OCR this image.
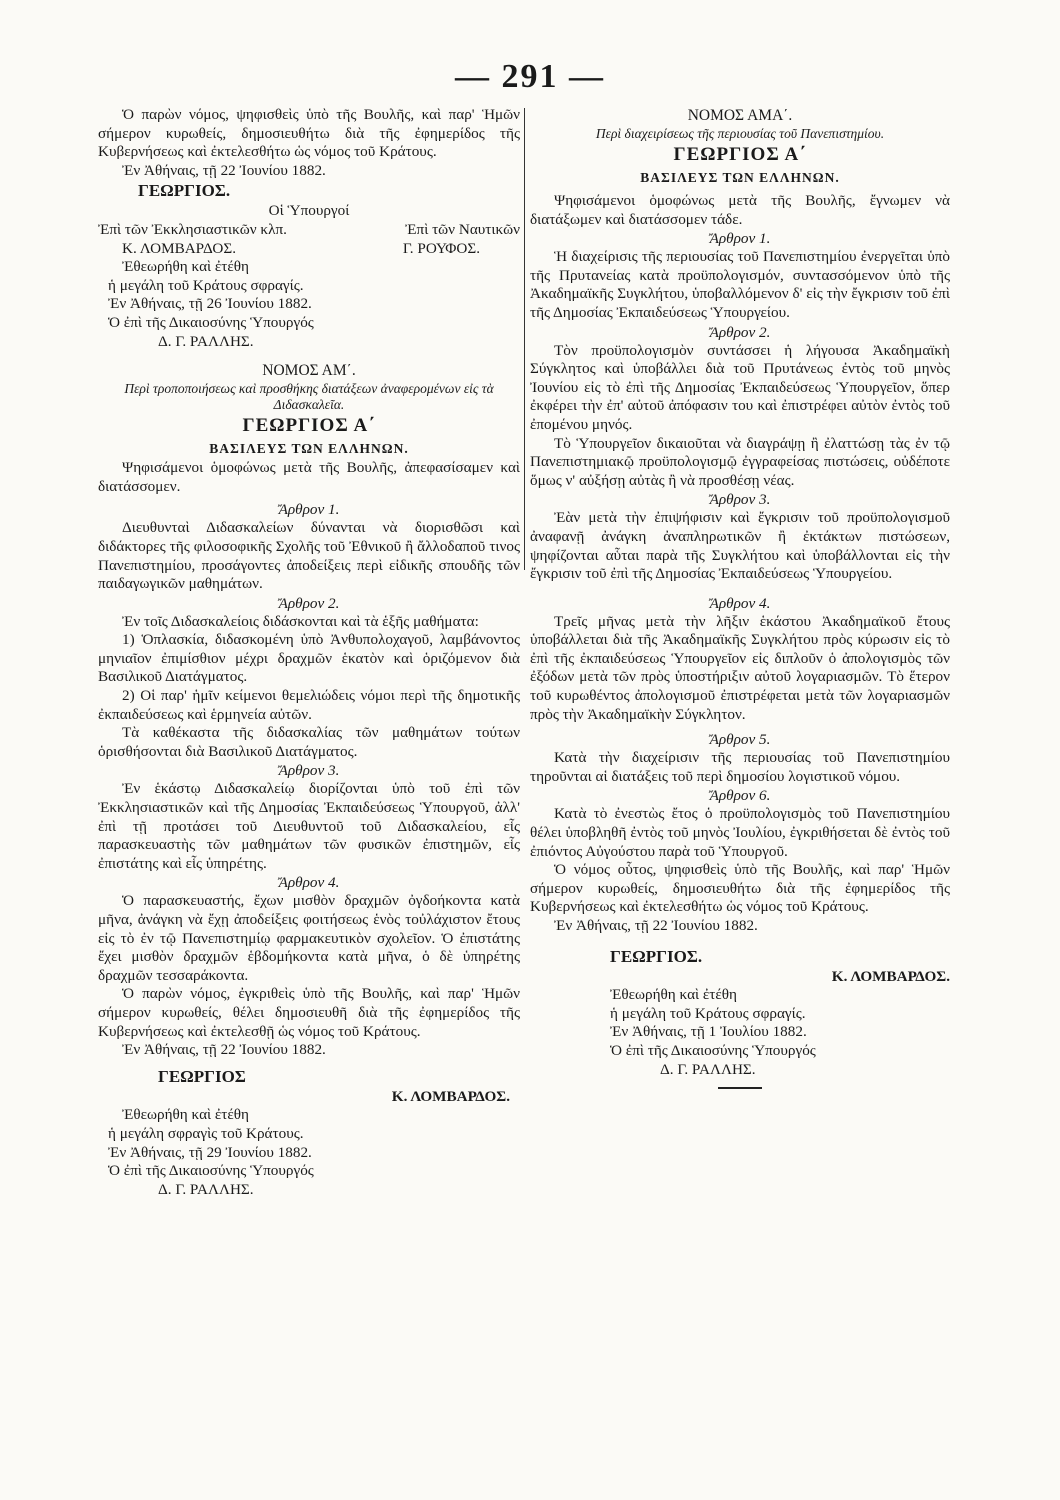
— 291 —

Ὁ παρὼν νόμος, ψηφισθεὶς ὑπὸ τῆς Βουλῆς, καὶ παρ' Ἡμῶν σήμερον κυρωθείς, δημοσιευθήτω διὰ τῆς ἐφημερίδος τῆς Κυβερνήσεως καὶ ἐκτελεσθήτω ὡς νόμος τοῦ Κράτους.

Ἐν Ἀθήναις, τῇ 22 Ἰουνίου 1882.

ΓΕΩΡΓΙΟΣ.

Οἱ Ὑπουργοί

Ἐπὶ τῶν Ἐκκλησιαστικῶν κλπ.	Ἐπὶ τῶν Ναυτικῶν
Κ. ΛΟΜΒΑΡΔΟΣ.	Γ. ΡΟΥΦΟΣ.

Ἐθεωρήθη καὶ ἐτέθη

ἡ μεγάλη τοῦ Κράτους σφραγίς.

Ἐν Ἀθήναις, τῇ 26 Ἰουνίου 1882.

Ὁ ἐπὶ τῆς Δικαιοσύνης Ὑπουργός

Δ. Γ. ΡΑΛΛΗΣ.

ΝΟΜΟΣ ΑΜ΄.

Περὶ τροποποιήσεως καὶ προσθήκης διατάξεων ἀναφερομένων εἰς τὰ Διδασκαλεῖα.

ΓΕΩΡΓΙΟΣ Α΄

ΒΑΣΙΛΕΥΣ ΤΩΝ ΕΛΛΗΝΩΝ.

Ψηφισάμενοι ὁμοφώνως μετὰ τῆς Βουλῆς, ἀπεφασίσαμεν καὶ διατάσσομεν.

Ἄρθρον 1.

Διευθυνταὶ Διδασκαλείων δύνανται νὰ διορισθῶσι καὶ διδάκτορες τῆς φιλοσοφικῆς Σχολῆς τοῦ Ἐθνικοῦ ἢ ἄλλοδαποῦ τινος Πανεπιστημίου, προσάγοντες ἀποδείξεις περὶ εἰδικῆς σπουδῆς τῶν παιδαγωγικῶν μαθημάτων.

Ἄρθρον 2.

Ἐν τοῖς Διδασκαλείοις διδάσκονται καὶ τὰ ἑξῆς μαθήματα:

1) Ὁπλασκία, διδασκομένη ὑπὸ Ἀνθυπολοχαγοῦ, λαμβάνοντος μηνιαῖον ἐπιμίσθιον μέχρι δραχμῶν ἑκατὸν καὶ ὁριζόμενον διὰ Βασιλικοῦ Διατάγματος.

2) Οἱ παρ' ἡμῖν κείμενοι θεμελιώδεις νόμοι περὶ τῆς δημοτικῆς ἐκπαιδεύσεως καὶ ἑρμηνεία αὐτῶν.

Τὰ καθέκαστα τῆς διδασκαλίας τῶν μαθημάτων τούτων ὁρισθήσονται διὰ Βασιλικοῦ Διατάγματος.

Ἄρθρον 3.

Ἐν ἑκάστῳ Διδασκαλείῳ διορίζονται ὑπὸ τοῦ ἐπὶ τῶν Ἐκκλησιαστικῶν καὶ τῆς Δημοσίας Ἐκπαιδεύσεως Ὑπουργοῦ, ἀλλ' ἐπὶ τῇ προτάσει τοῦ Διευθυντοῦ τοῦ Διδασκαλείου, εἷς παρασκευαστὴς τῶν μαθημάτων τῶν φυσικῶν ἐπιστημῶν, εἷς ἐπιστάτης καὶ εἷς ὑπηρέτης.

Ἄρθρον 4.

Ὁ παρασκευαστής, ἔχων μισθὸν δραχμῶν ὀγδοήκοντα κατὰ μῆνα, ἀνάγκη νὰ ἔχῃ ἀποδείξεις φοιτήσεως ἑνὸς τοὐλάχιστον ἔτους εἰς τὸ ἐν τῷ Πανεπιστημίῳ φαρμακευτικὸν σχολεῖον. Ὁ ἐπιστάτης ἔχει μισθὸν δραχμῶν ἑβδομήκοντα κατὰ μῆνα, ὁ δὲ ὑπηρέτης δραχμῶν τεσσαράκοντα.

Ὁ παρὼν νόμος, ἐγκριθεὶς ὑπὸ τῆς Βουλῆς, καὶ παρ' Ἡμῶν σήμερον κυρωθείς, θέλει δημοσιευθῆ διὰ τῆς ἐφημερίδος τῆς Κυβερνήσεως καὶ ἐκτελεσθῇ ὡς νόμος τοῦ Κράτους.

Ἐν Ἀθήναις, τῇ 22 Ἰουνίου 1882.

ΓΕΩΡΓΙΟΣ

Κ. ΛΟΜΒΑΡΔΟΣ.

Ἐθεωρήθη καὶ ἐτέθη

ἡ μεγάλη σφραγὶς τοῦ Κράτους.

Ἐν Ἀθήναις, τῇ 29 Ἰουνίου 1882.

Ὁ ἐπὶ τῆς Δικαιοσύνης Ὑπουργός

Δ. Γ. ΡΑΛΛΗΣ.

ΝΟΜΟΣ ΑΜΑ΄.

Περὶ διαχειρίσεως τῆς περιουσίας τοῦ Πανεπιστημίου.

ΓΕΩΡΓΙΟΣ Α΄

ΒΑΣΙΛΕΥΣ ΤΩΝ ΕΛΛΗΝΩΝ.

Ψηφισάμενοι ὁμοφώνως μετὰ τῆς Βουλῆς, ἔγνωμεν νὰ διατάξωμεν καὶ διατάσσομεν τάδε.

Ἄρθρον 1.

Ἡ διαχείρισις τῆς περιουσίας τοῦ Πανεπιστημίου ἐνεργεῖται ὑπὸ τῆς Πρυτανείας κατὰ προϋπολογισμόν, συντασσόμενον ὑπὸ τῆς Ἀκαδημαϊκῆς Συγκλήτου, ὑποβαλλόμενον δ' εἰς τὴν ἔγκρισιν τοῦ ἐπὶ τῆς Δημοσίας Ἐκπαιδεύσεως Ὑπουργείου.

Ἄρθρον 2.

Τὸν προϋπολογισμὸν συντάσσει ἡ λήγουσα Ἀκαδημαϊκὴ Σύγκλητος καὶ ὑποβάλλει διὰ τοῦ Πρυτάνεως ἐντὸς τοῦ μηνὸς Ἰουνίου εἰς τὸ ἐπὶ τῆς Δημοσίας Ἐκπαιδεύσεως Ὑπουργεῖον, ὅπερ ἐκφέρει τὴν ἐπ' αὐτοῦ ἀπόφασιν του καὶ ἐπιστρέφει αὐτὸν ἐντὸς τοῦ ἐπομένου μηνός.

Τὸ Ὑπουργεῖον δικαιοῦται νὰ διαγράψῃ ἢ ἐλαττώσῃ τὰς ἐν τῷ Πανεπιστημιακῷ προϋπολογισμῷ ἐγγραφείσας πιστώσεις, οὐδέποτε ὅμως ν' αὐξήσῃ αὐτὰς ἢ νὰ προσθέσῃ νέας.

Ἄρθρον 3.

Ἐὰν μετὰ τὴν ἐπιψήφισιν καὶ ἔγκρισιν τοῦ προϋπολογισμοῦ ἀναφανῇ ἀνάγκη ἀναπληρωτικῶν ἢ ἐκτάκτων πιστώσεων, ψηφίζονται αὗται παρὰ τῆς Συγκλήτου καὶ ὑποβάλλονται εἰς τὴν ἔγκρισιν τοῦ ἐπὶ τῆς Δημοσίας Ἐκπαιδεύσεως Ὑπουργείου.

Ἄρθρον 4.

Τρεῖς μῆνας μετὰ τὴν λῆξιν ἑκάστου Ἀκαδημαϊκοῦ ἔτους ὑποβάλλεται διὰ τῆς Ἀκαδημαϊκῆς Συγκλήτου πρὸς κύρωσιν εἰς τὸ ἐπὶ τῆς ἐκπαιδεύσεως Ὑπουργεῖον εἰς διπλοῦν ὁ ἀπολογισμὸς τῶν ἐξόδων μετὰ τῶν πρὸς ὑποστήριξιν αὐτοῦ λογαριασμῶν. Τὸ ἕτερον τοῦ κυρωθέντος ἀπολογισμοῦ ἐπιστρέφεται μετὰ τῶν λογαριασμῶν πρὸς τὴν Ἀκαδημαϊκὴν Σύγκλητον.

Ἄρθρον 5.

Κατὰ τὴν διαχείρισιν τῆς περιουσίας τοῦ Πανεπιστημίου τηροῦνται αἱ διατάξεις τοῦ περὶ δημοσίου λογιστικοῦ νόμου.

Ἄρθρον 6.

Κατὰ τὸ ἐνεστὼς ἔτος ὁ προϋπολογισμὸς τοῦ Πανεπιστημίου θέλει ὑποβληθῆ ἐντὸς τοῦ μηνὸς Ἰουλίου, ἐγκριθήσεται δὲ ἐντὸς τοῦ ἐπιόντος Αὐγούστου παρὰ τοῦ Ὑπουργοῦ.

Ὁ νόμος οὗτος, ψηφισθεὶς ὑπὸ τῆς Βουλῆς, καὶ παρ' Ἡμῶν σήμερον κυρωθείς, δημοσιευθήτω διὰ τῆς ἐφημερίδος τῆς Κυβερνήσεως καὶ ἐκτελεσθήτω ὡς νόμος τοῦ Κράτους.

Ἐν Ἀθήναις, τῇ 22 Ἰουνίου 1882.

ΓΕΩΡΓΙΟΣ.

Κ. ΛΟΜΒΑΡΔΟΣ.

Ἐθεωρήθη καὶ ἐτέθη

ἡ μεγάλη τοῦ Κράτους σφραγίς.

Ἐν Ἀθήναις, τῇ 1 Ἰουλίου 1882.

Ὁ ἐπὶ τῆς Δικαιοσύνης Ὑπουργός

Δ. Γ. ΡΑΛΛΗΣ.
